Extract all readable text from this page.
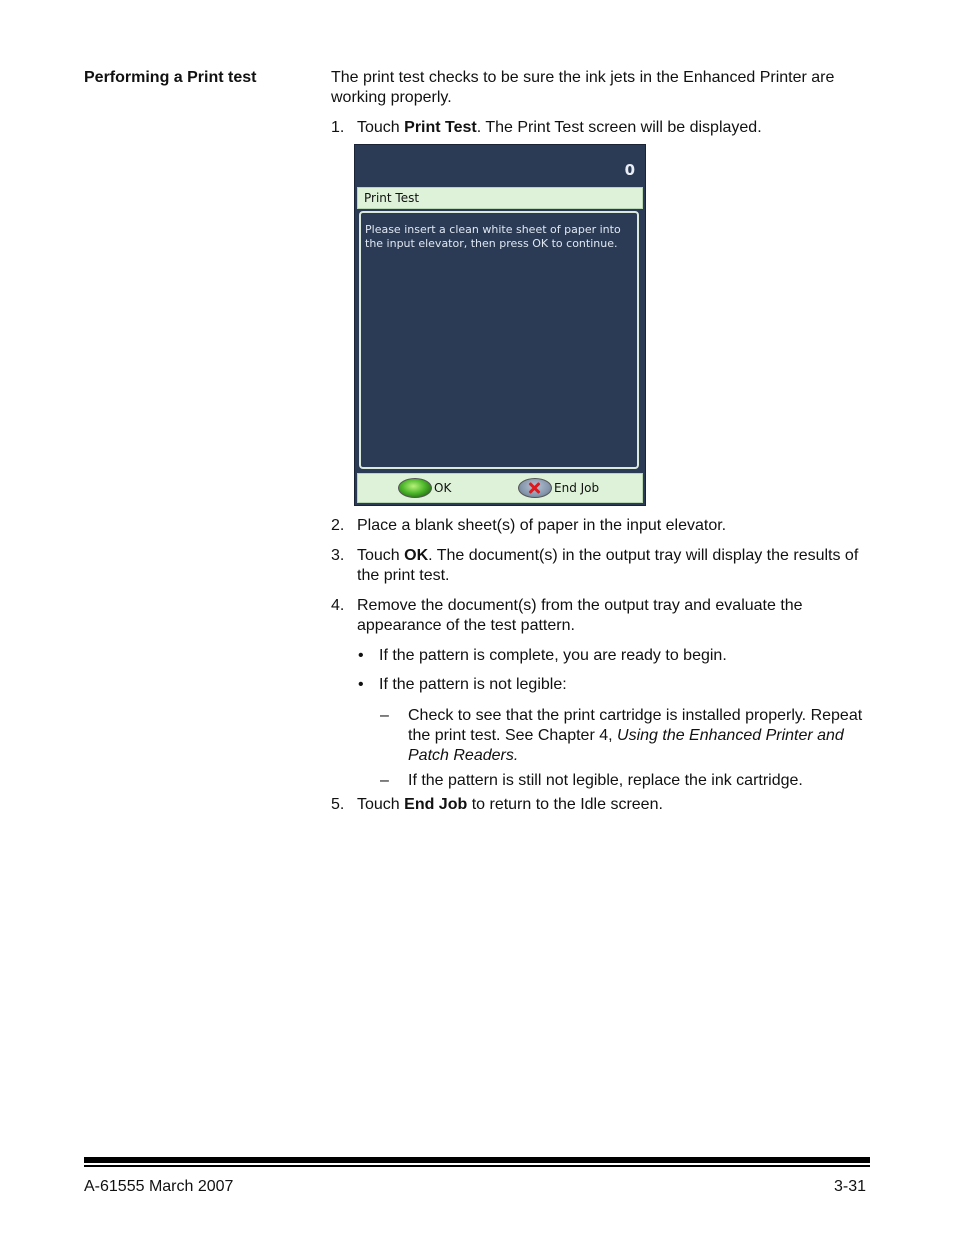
Performing a Print test	The print test checks to be sure the ink jets in the Enhanced Printer are working properly.
1. Touch Print Test. The Print Test screen will be displayed.
0
Print Test
Please insert a clean white sheet of paper into the input elevator, then press OK to continue.
OK	End Job
2. Place a blank sheet(s) of paper in the input elevator.
3. Touch OK. The document(s) in the output tray will display the results of the print test.
4. Remove the document(s) from the output tray and evaluate the appearance of the test pattern.
• If the pattern is complete, you are ready to begin.
• If the pattern is not legible:
– Check to see that the print cartridge is installed properly. Repeat the print test. See Chapter 4, Using the Enhanced Printer and Patch Readers.
– If the pattern is still not legible, replace the ink cartridge.
5. Touch End Job to return to the Idle screen.
A-61555 March 2007	3-31
